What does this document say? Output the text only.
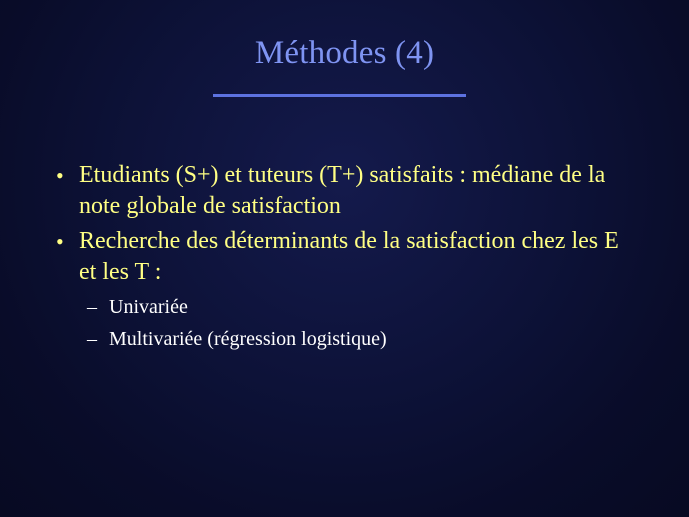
Méthodes (4)
• Etudiants (S+) et tuteurs (T+) satisfaits : médiane de la note globale de satisfaction
• Recherche des déterminants de la satisfaction chez les E et les T :
– Univariée
– Multivariée (régression logistique)
